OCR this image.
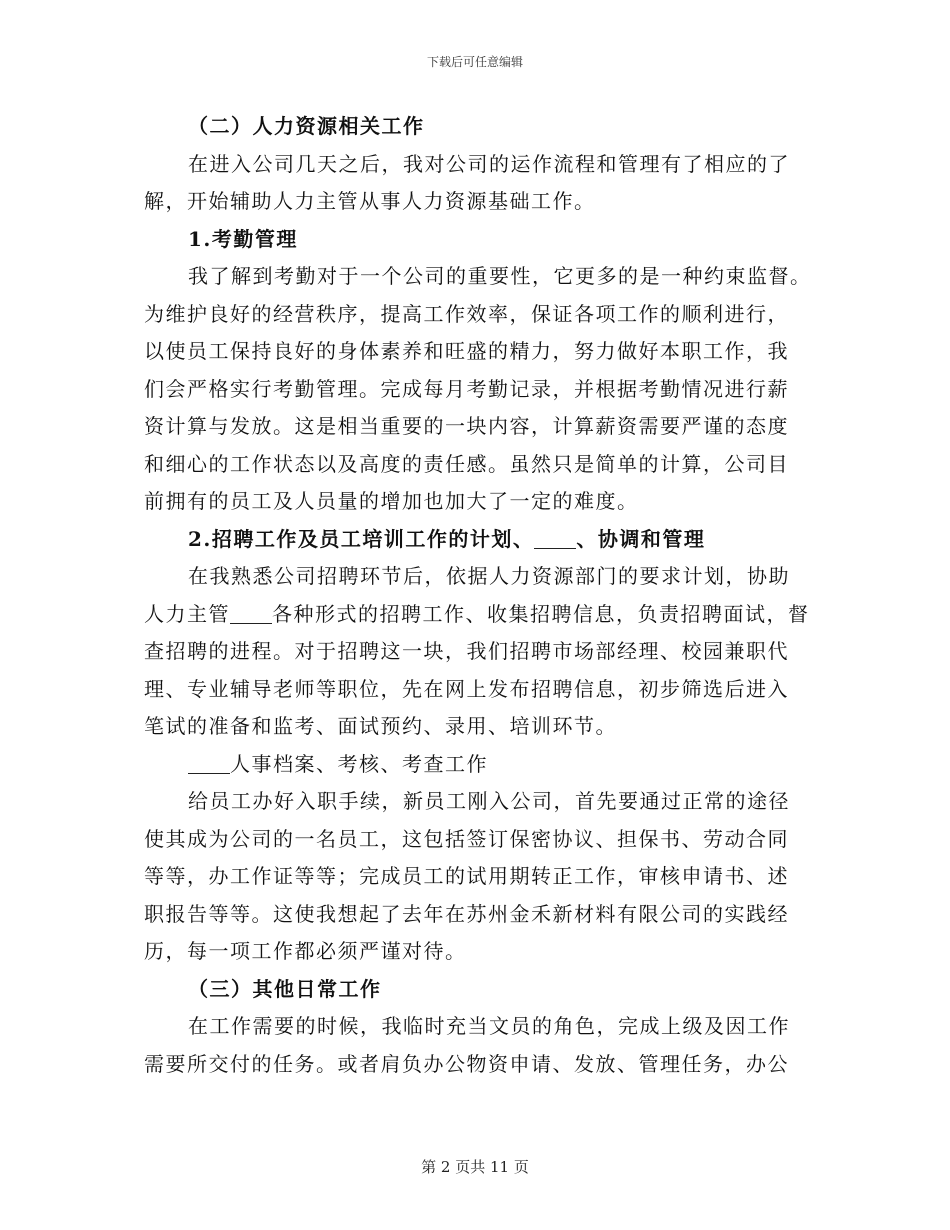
下载后可任意编辑
（二）人力资源相关工作
在进入公司几天之后，我对公司的运作流程和管理有了相应的了
解，开始辅助人力主管从事人力资源基础工作。
1.考勤管理
我了解到考勤对于一个公司的重要性，它更多的是一种约束监督。
为维护良好的经营秩序，提高工作效率，保证各项工作的顺利进行，
以使员工保持良好的身体素养和旺盛的精力，努力做好本职工作，我
们会严格实行考勤管理。完成每月考勤记录，并根据考勤情况进行薪
资计算与发放。这是相当重要的一块内容，计算薪资需要严谨的态度
和细心的工作状态以及高度的责任感。虽然只是简单的计算，公司目
前拥有的员工及人员量的增加也加大了一定的难度。
2.招聘工作及员工培训工作的计划、 、协调和管理
在我熟悉公司招聘环节后，依据人力资源部门的要求计划，协助
人力主管 各种形式的招聘工作、收集招聘信息，负责招聘面试，督
查招聘的进程。对于招聘这一块，我们招聘市场部经理、校园兼职代
理、专业辅导老师等职位，先在网上发布招聘信息，初步筛选后进入
笔试的准备和监考、面试预约、录用、培训环节。
人事档案、考核、考查工作
给员工办好入职手续，新员工刚入公司，首先要通过正常的途径
使其成为公司的一名员工，这包括签订保密协议、担保书、劳动合同
等等，办工作证等等；完成员工的试用期转正工作，审核申请书、述
职报告等等。这使我想起了去年在苏州金禾新材料有限公司的实践经
历，每一项工作都必须严谨对待。
（三）其他日常工作
在工作需要的时候，我临时充当文员的角色，完成上级及因工作
需要所交付的任务。或者肩负办公物资申请、发放、管理任务，办公
第 2 页共 11 页
